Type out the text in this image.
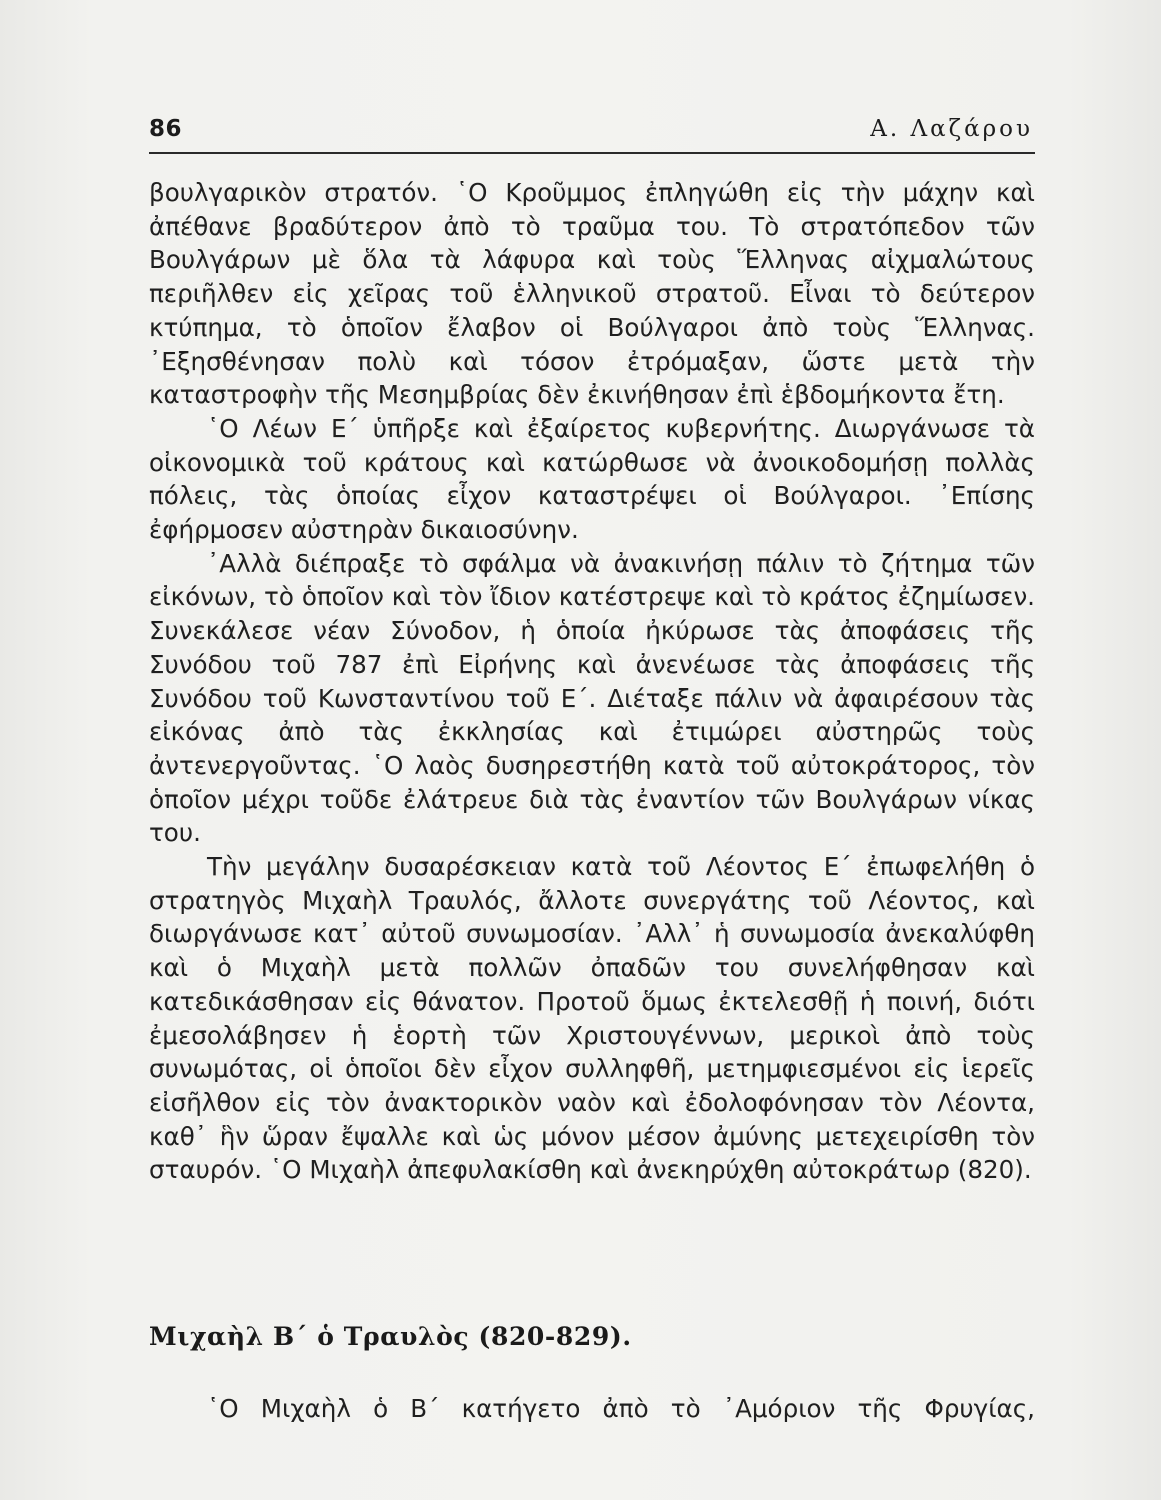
86	Α. Λαζάρου

βουλγαρικὸν στρατόν. ῾Ο Κροῦμμος ἐπληγώθη εἰς τὴν μάχην καὶ ἀπέθανε βραδύτερον ἀπὸ τὸ τραῦμα του. Τὸ στρατόπεδον τῶν Βουλγάρων μὲ ὅλα τὰ λάφυρα καὶ τοὺς Ἕλληνας αἰχμαλώτους περιῆλθεν εἰς χεῖρας τοῦ ἑλληνικοῦ στρατοῦ. Εἶναι τὸ δεύτερον κτύπημα, τὸ ὁποῖον ἔλαβον οἱ Βούλγαροι ἀπὸ τοὺς Ἕλληνας. ᾿Εξησθένησαν πολὺ καὶ τόσον ἐτρόμαξαν, ὥστε μετὰ τὴν καταστροφὴν τῆς Μεσημβρίας δὲν ἐκινήθησαν ἐπὶ ἑβδομήκοντα ἔτη.

῾Ο Λέων Ε΄ ὑπῆρξε καὶ ἐξαίρετος κυβερνήτης. Διωργάνωσε τὰ οἰκονομικὰ τοῦ κράτους καὶ κατώρθωσε νὰ ἀνοικοδομήσῃ πολλὰς πόλεις, τὰς ὁποίας εἶχον καταστρέψει οἱ Βούλγαροι. ᾿Επίσης ἐφήρμοσεν αὐστηρὰν δικαιοσύνην.

᾿Αλλὰ διέπραξε τὸ σφάλμα νὰ ἀνακινήσῃ πάλιν τὸ ζήτημα τῶν εἰκόνων, τὸ ὁποῖον καὶ τὸν ἴδιον κατέστρεψε καὶ τὸ κράτος ἐζημίωσεν. Συνεκάλεσε νέαν Σύνοδον, ἡ ὁποία ἠκύρωσε τὰς ἀποφάσεις τῆς Συνόδου τοῦ 787 ἐπὶ Εἰρήνης καὶ ἀνενέωσε τὰς ἀποφάσεις τῆς Συνόδου τοῦ Κωνσταντίνου τοῦ Ε΄. Διέταξε πάλιν νὰ ἀφαιρέσουν τὰς εἰκόνας ἀπὸ τὰς ἐκκλησίας καὶ ἐτιμώρει αὐστηρῶς τοὺς ἀντενεργοῦντας. ῾Ο λαὸς δυσηρεστήθη κατὰ τοῦ αὐτοκράτορος, τὸν ὁποῖον μέχρι τοῦδε ἐλάτρευε διὰ τὰς ἐναντίον τῶν Βουλγάρων νίκας του.

Τὴν μεγάλην δυσαρέσκειαν κατὰ τοῦ Λέοντος Ε΄ ἐπωφελήθη ὁ στρατηγὸς Μιχαὴλ Τραυλός, ἄλλοτε συνεργάτης τοῦ Λέοντος, καὶ διωργάνωσε κατ᾿ αὐτοῦ συνωμοσίαν. ᾿Αλλ᾿ ἡ συνωμοσία ἀνεκαλύφθη καὶ ὁ Μιχαὴλ μετὰ πολλῶν ὀπαδῶν του συνελήφθησαν καὶ κατεδικάσθησαν εἰς θάνατον. Προτοῦ ὅμως ἐκτελεσθῇ ἡ ποινή, διότι ἐμεσολάβησεν ἡ ἑορτὴ τῶν Χριστουγέννων, μερικοὶ ἀπὸ τοὺς συνωμότας, οἱ ὁποῖοι δὲν εἶχον συλληφθῆ, μετημφιεσμένοι εἰς ἱερεῖς εἰσῆλθον εἰς τὸν ἀνακτορικὸν ναὸν καὶ ἐδολοφόνησαν τὸν Λέοντα, καθ᾿ ἣν ὥραν ἔψαλλε καὶ ὡς μόνον μέσον ἀμύνης μετεχειρίσθη τὸν σταυρόν. ῾Ο Μιχαὴλ ἀπεφυλακίσθη καὶ ἀνεκηρύχθη αὐτοκράτωρ (820).

Μιχαὴλ Β΄ ὁ Τραυλὸς (820-829).
῾Ο Μιχαὴλ ὁ Β΄ κατήγετο ἀπὸ τὸ ᾿Αμόριον τῆς Φρυγίας,
